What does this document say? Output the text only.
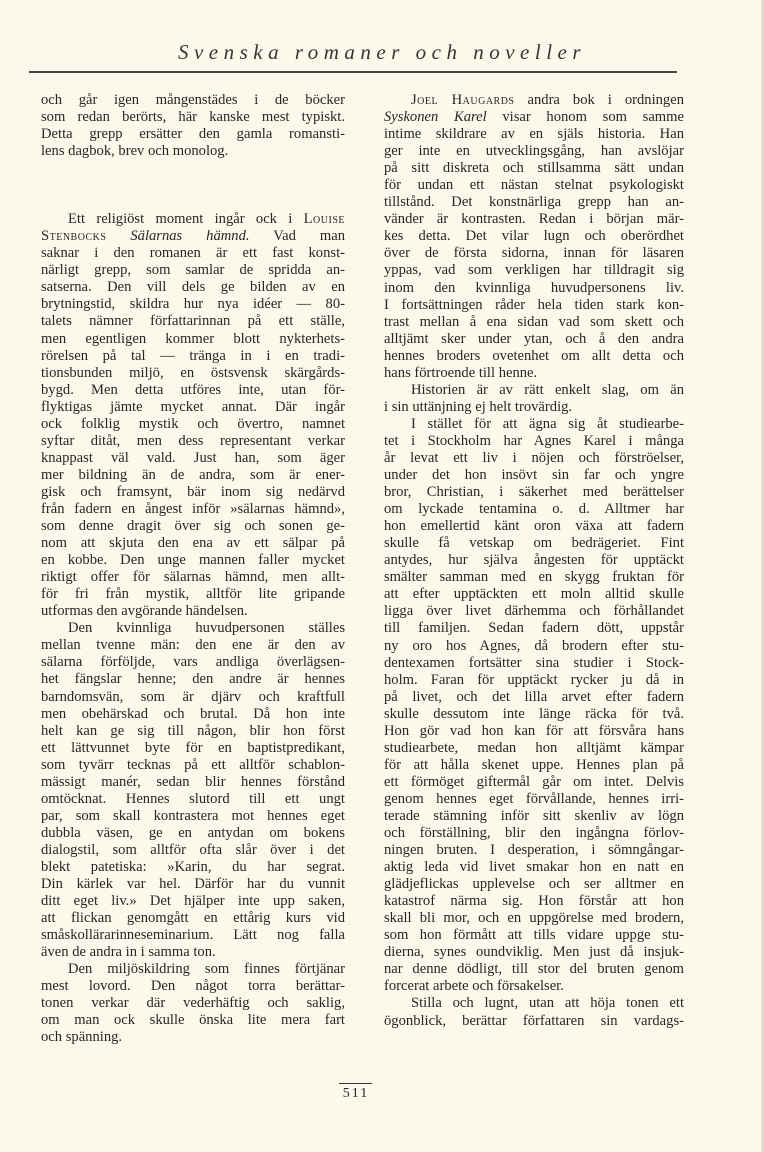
Svenska romaner och noveller
och går igen mångenstädes i de böcker
som redan berörts, här kanske mest typiskt.
Detta grepp ersätter den gamla romansti-
lens dagbok, brev och monolog.
Ett religiöst moment ingår ock i Louise
Stenbocks Sälarnas hämnd. Vad man
saknar i den romanen är ett fast konst-
närligt grepp, som samlar de spridda an-
satserna. Den vill dels ge bilden av en
brytningstid, skildra hur nya idéer — 80-
talets nämner författarinnan på ett ställe,
men egentligen kommer blott nykterhets-
rörelsen på tal — tränga in i en tradi-
tionsbunden miljö, en östsvensk skärgårds-
bygd. Men detta utföres inte, utan för-
flyktigas jämte mycket annat. Där ingår
ock folklig mystik och övertro, namnet
syftar ditåt, men dess representant verkar
knappast väl vald. Just han, som äger
mer bildning än de andra, som är ener-
gisk och framsynt, bär inom sig nedärvd
från fadern en ångest inför »sälarnas hämnd»,
som denne dragit över sig och sonen ge-
nom att skjuta den ena av ett sälpar på
en kobbe. Den unge mannen faller mycket
riktigt offer för sälarnas hämnd, men allt-
för fri från mystik, alltför lite gripande
utformas den avgörande händelsen.
Den kvinnliga huvudpersonen ställes
mellan tvenne män: den ene är den av
sälarna förföljde, vars andliga överlägsen-
het fängslar henne; den andre är hennes
barndomsvän, som är djärv och kraftfull
men obehärskad och brutal. Då hon inte
helt kan ge sig till någon, blir hon först
ett lättvunnet byte för en baptistpredikant,
som tyvärr tecknas på ett alltför schablon-
mässigt manér, sedan blir hennes förstånd
omtöcknat. Hennes slutord till ett ungt
par, som skall kontrastera mot hennes eget
dubbla väsen, ge en antydan om bokens
dialogstil, som alltför ofta slår över i det
blekt patetiska: »Karin, du har segrat.
Din kärlek var hel. Därför har du vunnit
ditt eget liv.» Det hjälper inte upp saken,
att flickan genomgått en ettårig kurs vid
småskollärarinneseminarium. Lätt nog falla
även de andra in i samma ton.
Den miljöskildring som finnes förtjänar
mest lovord. Den något torra berättar-
tonen verkar där vederhäftig och saklig,
om man ock skulle önska lite mera fart
och spänning.
Joel Haugards andra bok i ordningen
Syskonen Karel visar honom som samme
intime skildrare av en själs historia. Han
ger inte en utvecklingsgång, han avslöjar
på sitt diskreta och stillsamma sätt undan
för undan ett nästan stelnat psykologiskt
tillstånd. Det konstnärliga grepp han an-
vänder är kontrasten. Redan i början mär-
kes detta. Det vilar lugn och oberördhet
över de första sidorna, innan för läsaren
yppas, vad som verkligen har tilldragit sig
inom den kvinnliga huvudpersonens liv.
I fortsättningen råder hela tiden stark kon-
trast mellan å ena sidan vad som skett och
alltjämt sker under ytan, och å den andra
hennes broders ovetenhet om allt detta och
hans förtroende till henne.
Historien är av rätt enkelt slag, om än
i sin uttänjning ej helt trovärdig.
I stället för att ägna sig åt studiearbe-
tet i Stockholm har Agnes Karel i många
år levat ett liv i nöjen och förströelser,
under det hon insövt sin far och yngre
bror, Christian, i säkerhet med berättelser
om lyckade tentamina o. d. Alltmer har
hon emellertid känt oron växa att fadern
skulle få vetskap om bedrägeriet. Fint
antydes, hur själva ångesten för upptäckt
smälter samman med en skygg fruktan för
att efter upptäckten ett moln alltid skulle
ligga över livet därhemma och förhållandet
till familjen. Sedan fadern dött, uppstår
ny oro hos Agnes, då brodern efter stu-
dentexamen fortsätter sina studier i Stock-
holm. Faran för upptäckt rycker ju då in
på livet, och det lilla arvet efter fadern
skulle dessutom inte länge räcka för två.
Hon gör vad hon kan för att försvåra hans
studiearbete, medan hon alltjämt kämpar
för att hålla skenet uppe. Hennes plan på
ett förmöget giftermål går om intet. Delvis
genom hennes eget förvållande, hennes irri-
terade stämning inför sitt skenliv av lögn
och förställning, blir den ingångna förlov-
ningen bruten. I desperation, i sömngångar-
aktig leda vid livet smakar hon en natt en
glädjeflickas upplevelse och ser alltmer en
katastrof närma sig. Hon förstår att hon
skall bli mor, och en uppgörelse med brodern,
som hon förmått att tills vidare uppge stu-
dierna, synes oundviklig. Men just då insjuk-
nar denne dödligt, till stor del bruten genom
forcerat arbete och försakelser.
Stilla och lugnt, utan att höja tonen ett
ögonblick, berättar författaren sin vardags-
511
